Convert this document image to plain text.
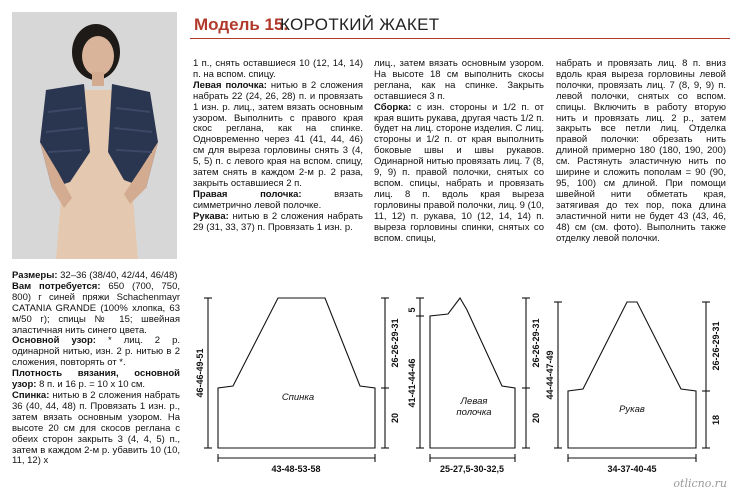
Модель 15.
КОРОТКИЙ ЖАКЕТ

Размеры: 32–36 (38/40, 42/44, 46/48)

Вам потребуется: 650 (700, 750, 800) г синей пряжи Schachenmayr CATANIA GRANDE (100% хлопка, 63 м/50 г); спицы № 15; швейная эластичная нить синего цвета.

Основной узор: * лиц. 2 р. одинарной нитью, изн. 2 р. нитью в 2 сложения, повторять от *.

Плотность вязания, основной узор: 8 п. и 16 р. = 10 х 10 см.

Спинка: нитью в 2 сложения набрать 36 (40, 44, 48) п. Провязать 1 изн. р., затем вязать основным узором. На высоте 20 см для скосов реглана с обеих сторон закрыть 3 (4, 4, 5) п., затем в каждом 2-м р. убавить 10 (10, 11, 12) х

1 п., снять оставшиеся 10 (12, 14, 14) п. на вспом. спицу.

Левая полочка: нитью в 2 сложения набрать 22 (24, 26, 28) п. и провязать 1 изн. р. лиц., затем вязать основным узором. Выполнить с правого края скос реглана, как на спинке. Одновременно через 41 (41, 44, 46) см для выреза горловины снять 3 (4, 5, 5) п. с левого края на вспом. спицу, затем снять в каждом 2-м р. 2 раза, закрыть оставшиеся 2 п.

Правая полочка:	вязать симметрично левой полочке.

Рукава: нитью в 2 сложения набрать 29 (31, 33, 37) п. Провязать 1 изн. р.

лиц., затем вязать основным узором. На высоте 18 см выполнить скосы реглана, как на спинке. Закрыть оставшиеся 3 п.

Сборка: с изн. стороны и 1/2 п. от края вшить рукава, другая часть 1/2 п. будет на лиц. стороне изделия. С лиц. стороны и 1/2 п. от края выполнить боковые швы и швы рукавов. Одинарной нитью провязать лиц. 7 (8, 9, 9) п. правой полочки, снятых со вспом. спицы, набрать и провязать лиц. 8 п. вдоль края выреза горловины правой полочки, лиц. 9 (10, 11, 12) п. рукава, 10 (12, 14, 14) п. выреза горловины спинки, снятых со вспом. спицы,

набрать и провязать лиц. 8 п. вниз вдоль края выреза горловины левой полочки, провязать лиц. 7 (8, 9, 9) п. левой полочки, снятых со вспом. спицы. Включить в работу вторую нить и провязать лиц. 2 р., затем закрыть все петли лиц. Отделка правой полочки: обрезать нить длиной примерно 180 (180, 190, 200) см. Растянуть эластичную нить по ширине и сложить пополам = 90 (90, 95, 100) см длиной. При помощи швейной нити обметать края, затягивая до тех пор, пока длина эластичной нити не будет 43 (43, 46, 48) см (см. фото). Выполнить также отделку левой полочки.

43-48-53-58
46-46-49-51
26-26-29-31
20
25-27,5-30-32,5
5
41-41-44-46
26-26-29-31
20
34-37-40-45
44-44-47-49
26-26-29-31
18
Спинка	Левая
полочка	Рукав
otlicno.ru
